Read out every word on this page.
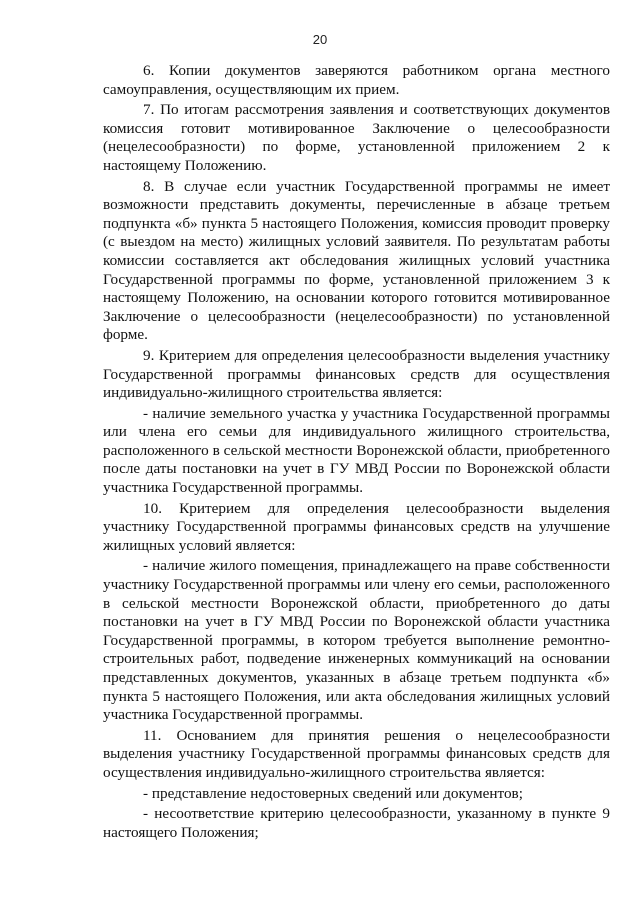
20

6. Копии документов заверяются работником органа местного самоуправления, осуществляющим их прием.

7. По итогам рассмотрения заявления и соответствующих документов комиссия готовит мотивированное Заключение о целесообразности (нецелесообразности) по форме, установленной приложением 2 к настоящему Положению.

8. В случае если участник Государственной программы не имеет возможности представить документы, перечисленные в абзаце третьем подпункта «б» пункта 5 настоящего Положения, комиссия проводит проверку (с выездом на место) жилищных условий заявителя. По результатам работы комиссии составляется акт обследования жилищных условий участника Государственной программы по форме, установленной приложением 3 к настоящему Положению, на основании которого готовится мотивированное Заключение о целесообразности (нецелесообразности) по установленной форме.

9. Критерием для определения целесообразности выделения участнику Государственной программы финансовых средств для осуществления индивидуально-жилищного строительства является:

- наличие земельного участка у участника Государственной программы или члена его семьи для индивидуального жилищного строительства, расположенного в сельской местности Воронежской области, приобретенного после даты постановки на учет в ГУ МВД России по Воронежской области участника Государственной программы.

10. Критерием для определения целесообразности выделения участнику Государственной программы финансовых средств на улучшение жилищных условий является:

- наличие жилого помещения, принадлежащего на праве собственности участнику Государственной программы или члену его семьи, расположенного в сельской местности Воронежской области, приобретенного до даты постановки на учет в ГУ МВД России по Воронежской области участника Государственной программы, в котором требуется выполнение ремонтно-строительных работ, подведение инженерных коммуникаций на основании представленных документов, указанных в абзаце третьем подпункта «б» пункта 5 настоящего Положения, или акта обследования жилищных условий участника Государственной программы.

11. Основанием для принятия решения о нецелесообразности выделения участнику Государственной программы финансовых средств для осуществления индивидуально-жилищного строительства является:

- представление недостоверных сведений или документов;

- несоответствие критерию целесообразности, указанному в пункте 9 настоящего Положения;
